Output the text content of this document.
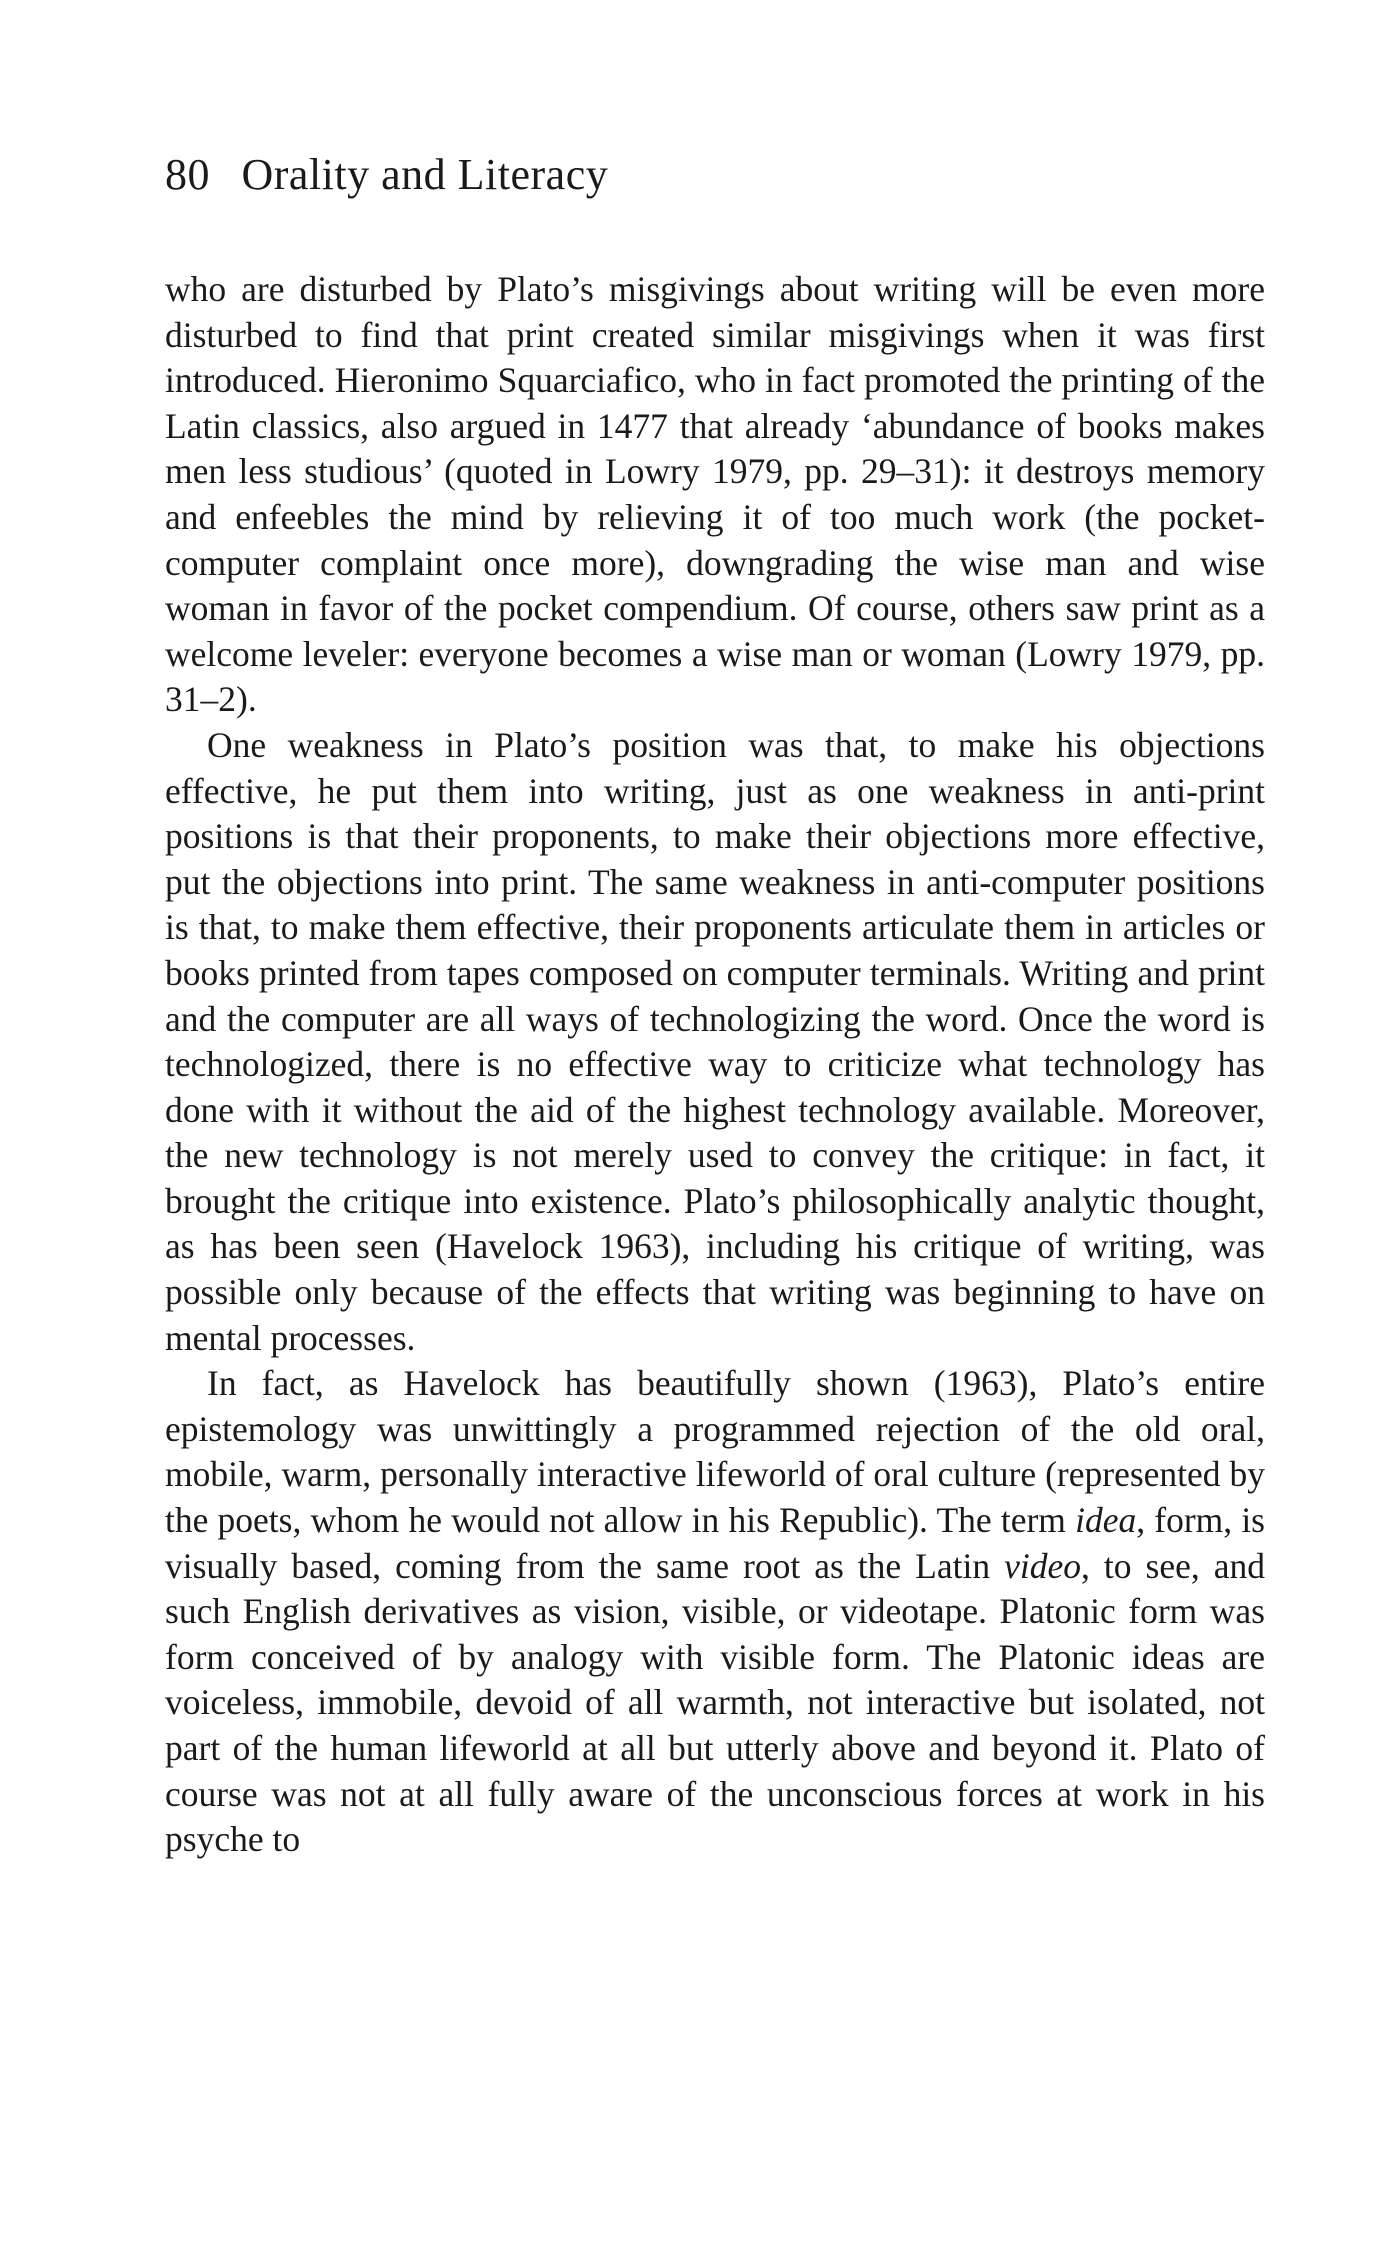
80 Orality and Literacy

who are disturbed by Plato’s misgivings about writing will be even more disturbed to find that print created similar misgivings when it was first introduced. Hieronimo Squarciafico, who in fact promoted the printing of the Latin classics, also argued in 1477 that already ‘abundance of books makes men less studious’ (quoted in Lowry 1979, pp. 29–31): it destroys memory and enfeebles the mind by relieving it of too much work (the pocket-computer complaint once more), downgrading the wise man and wise woman in favor of the pocket compendium. Of course, others saw print as a welcome leveler: everyone becomes a wise man or woman (Lowry 1979, pp. 31–2).

One weakness in Plato’s position was that, to make his objections effective, he put them into writing, just as one weakness in anti-print positions is that their proponents, to make their objections more effective, put the objections into print. The same weakness in anti-computer positions is that, to make them effective, their proponents articulate them in articles or books printed from tapes composed on computer terminals. Writing and print and the computer are all ways of technologizing the word. Once the word is technologized, there is no effective way to criticize what technology has done with it without the aid of the highest technology available. Moreover, the new technology is not merely used to convey the critique: in fact, it brought the critique into existence. Plato’s philosophically analytic thought, as has been seen (Havelock 1963), including his critique of writing, was possible only because of the effects that writing was beginning to have on mental processes.

In fact, as Havelock has beautifully shown (1963), Plato’s entire epistemology was unwittingly a programmed rejection of the old oral, mobile, warm, personally interactive lifeworld of oral culture (represented by the poets, whom he would not allow in his Republic). The term idea, form, is visually based, coming from the same root as the Latin video, to see, and such English derivatives as vision, visible, or videotape. Platonic form was form conceived of by analogy with visible form. The Platonic ideas are voiceless, immobile, devoid of all warmth, not interactive but isolated, not part of the human lifeworld at all but utterly above and beyond it. Plato of course was not at all fully aware of the unconscious forces at work in his psyche to
